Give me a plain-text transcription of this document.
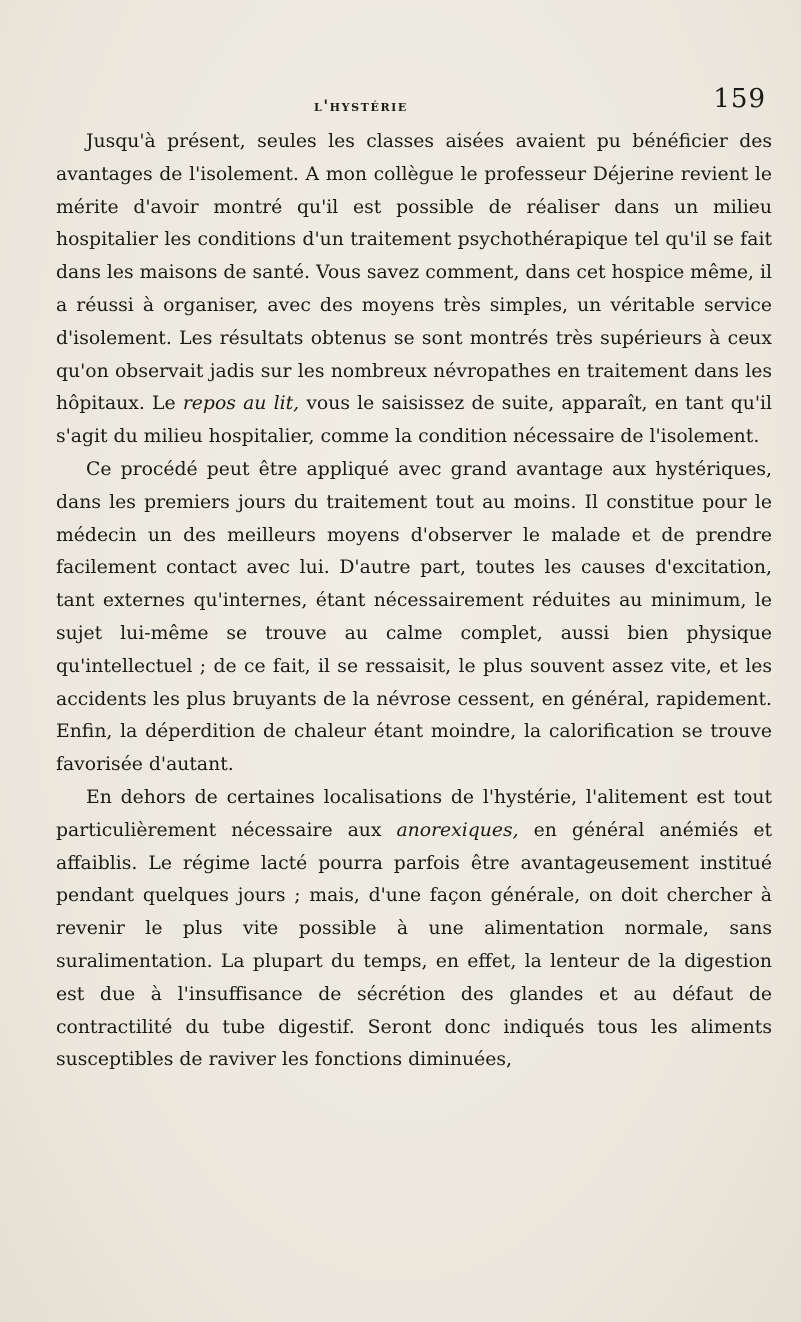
l'hystérie	159

Jusqu'à présent, seules les classes aisées avaient pu bénéficier des avantages de l'isolement. A mon collègue le professeur Déjerine revient le mérite d'avoir montré qu'il est possible de réaliser dans un milieu hospitalier les conditions d'un traitement psychothérapique tel qu'il se fait dans les maisons de santé. Vous savez comment, dans cet hospice même, il a réussi à organiser, avec des moyens très simples, un véritable service d'isolement. Les résultats obtenus se sont montrés très supérieurs à ceux qu'on observait jadis sur les nombreux névropathes en traitement dans les hôpitaux. Le repos au lit, vous le saisissez de suite, apparaît, en tant qu'il s'agit du milieu hospitalier, comme la condition nécessaire de l'isolement.

Ce procédé peut être appliqué avec grand avantage aux hystériques, dans les premiers jours du traitement tout au moins. Il constitue pour le médecin un des meilleurs moyens d'observer le malade et de prendre facilement contact avec lui. D'autre part, toutes les causes d'excitation, tant externes qu'internes, étant nécessairement réduites au minimum, le sujet lui-même se trouve au calme complet, aussi bien physique qu'intellectuel ; de ce fait, il se ressaisit, le plus souvent assez vite, et les accidents les plus bruyants de la névrose cessent, en général, rapidement. Enfin, la déperdition de chaleur étant moindre, la calorification se trouve favorisée d'autant.

En dehors de certaines localisations de l'hystérie, l'alitement est tout particulièrement nécessaire aux anorexiques, en général anémiés et affaiblis. Le régime lacté pourra parfois être avantageusement institué pendant quelques jours ; mais, d'une façon générale, on doit chercher à revenir le plus vite possible à une alimentation normale, sans suralimentation. La plupart du temps, en effet, la lenteur de la digestion est due à l'insuffisance de sécrétion des glandes et au défaut de contractilité du tube digestif. Seront donc indiqués tous les aliments susceptibles de raviver les fonctions diminuées,
